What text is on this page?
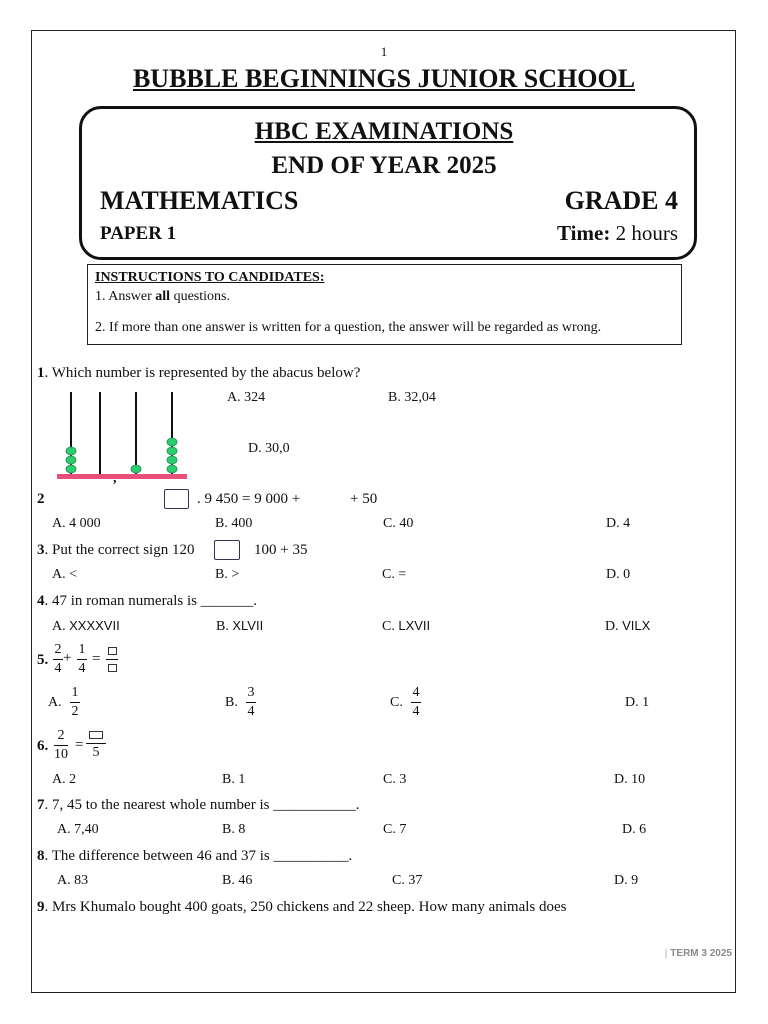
1
BUBBLE BEGINNINGS JUNIOR SCHOOL
HBC EXAMINATIONS
END OF YEAR 2025
MATHEMATICS	GRADE 4
PAPER 1	Time: 2 hours
INSTRUCTIONS TO CANDIDATES:
1. Answer all questions.
2. If more than one answer is written for a question, the answer will be regarded as wrong.
1. Which number is represented by the abacus below?
,
A. 324	B. 32,04
D. 30,0
2	. 9 450 = 9 000 +	+ 50
A. 4 000	B. 400	C. 40	D. 4
3. Put the correct sign 120	100 + 35
A. <	B. >	C. =	D. 0
4. 47 in roman numerals is _______.
A. XXXXVII	B. XLVII	C. LXVII	D. VILX
5.
2
4
+
1
4
=
A.
1
2
B.
3
4
C.
4
4
D. 1
6.
2
10
= 5
A. 2	B. 1	C. 3	D. 10
7. 7, 45 to the nearest whole number is ___________.
A. 7,40	B. 8	C. 7	D. 6
8. The difference between 46 and 37 is __________.
A. 83	B. 46	C. 37	D. 9
9. Mrs Khumalo bought 400 goats, 250 chickens and 22 sheep. How many animals does
| TERM 3 2025
